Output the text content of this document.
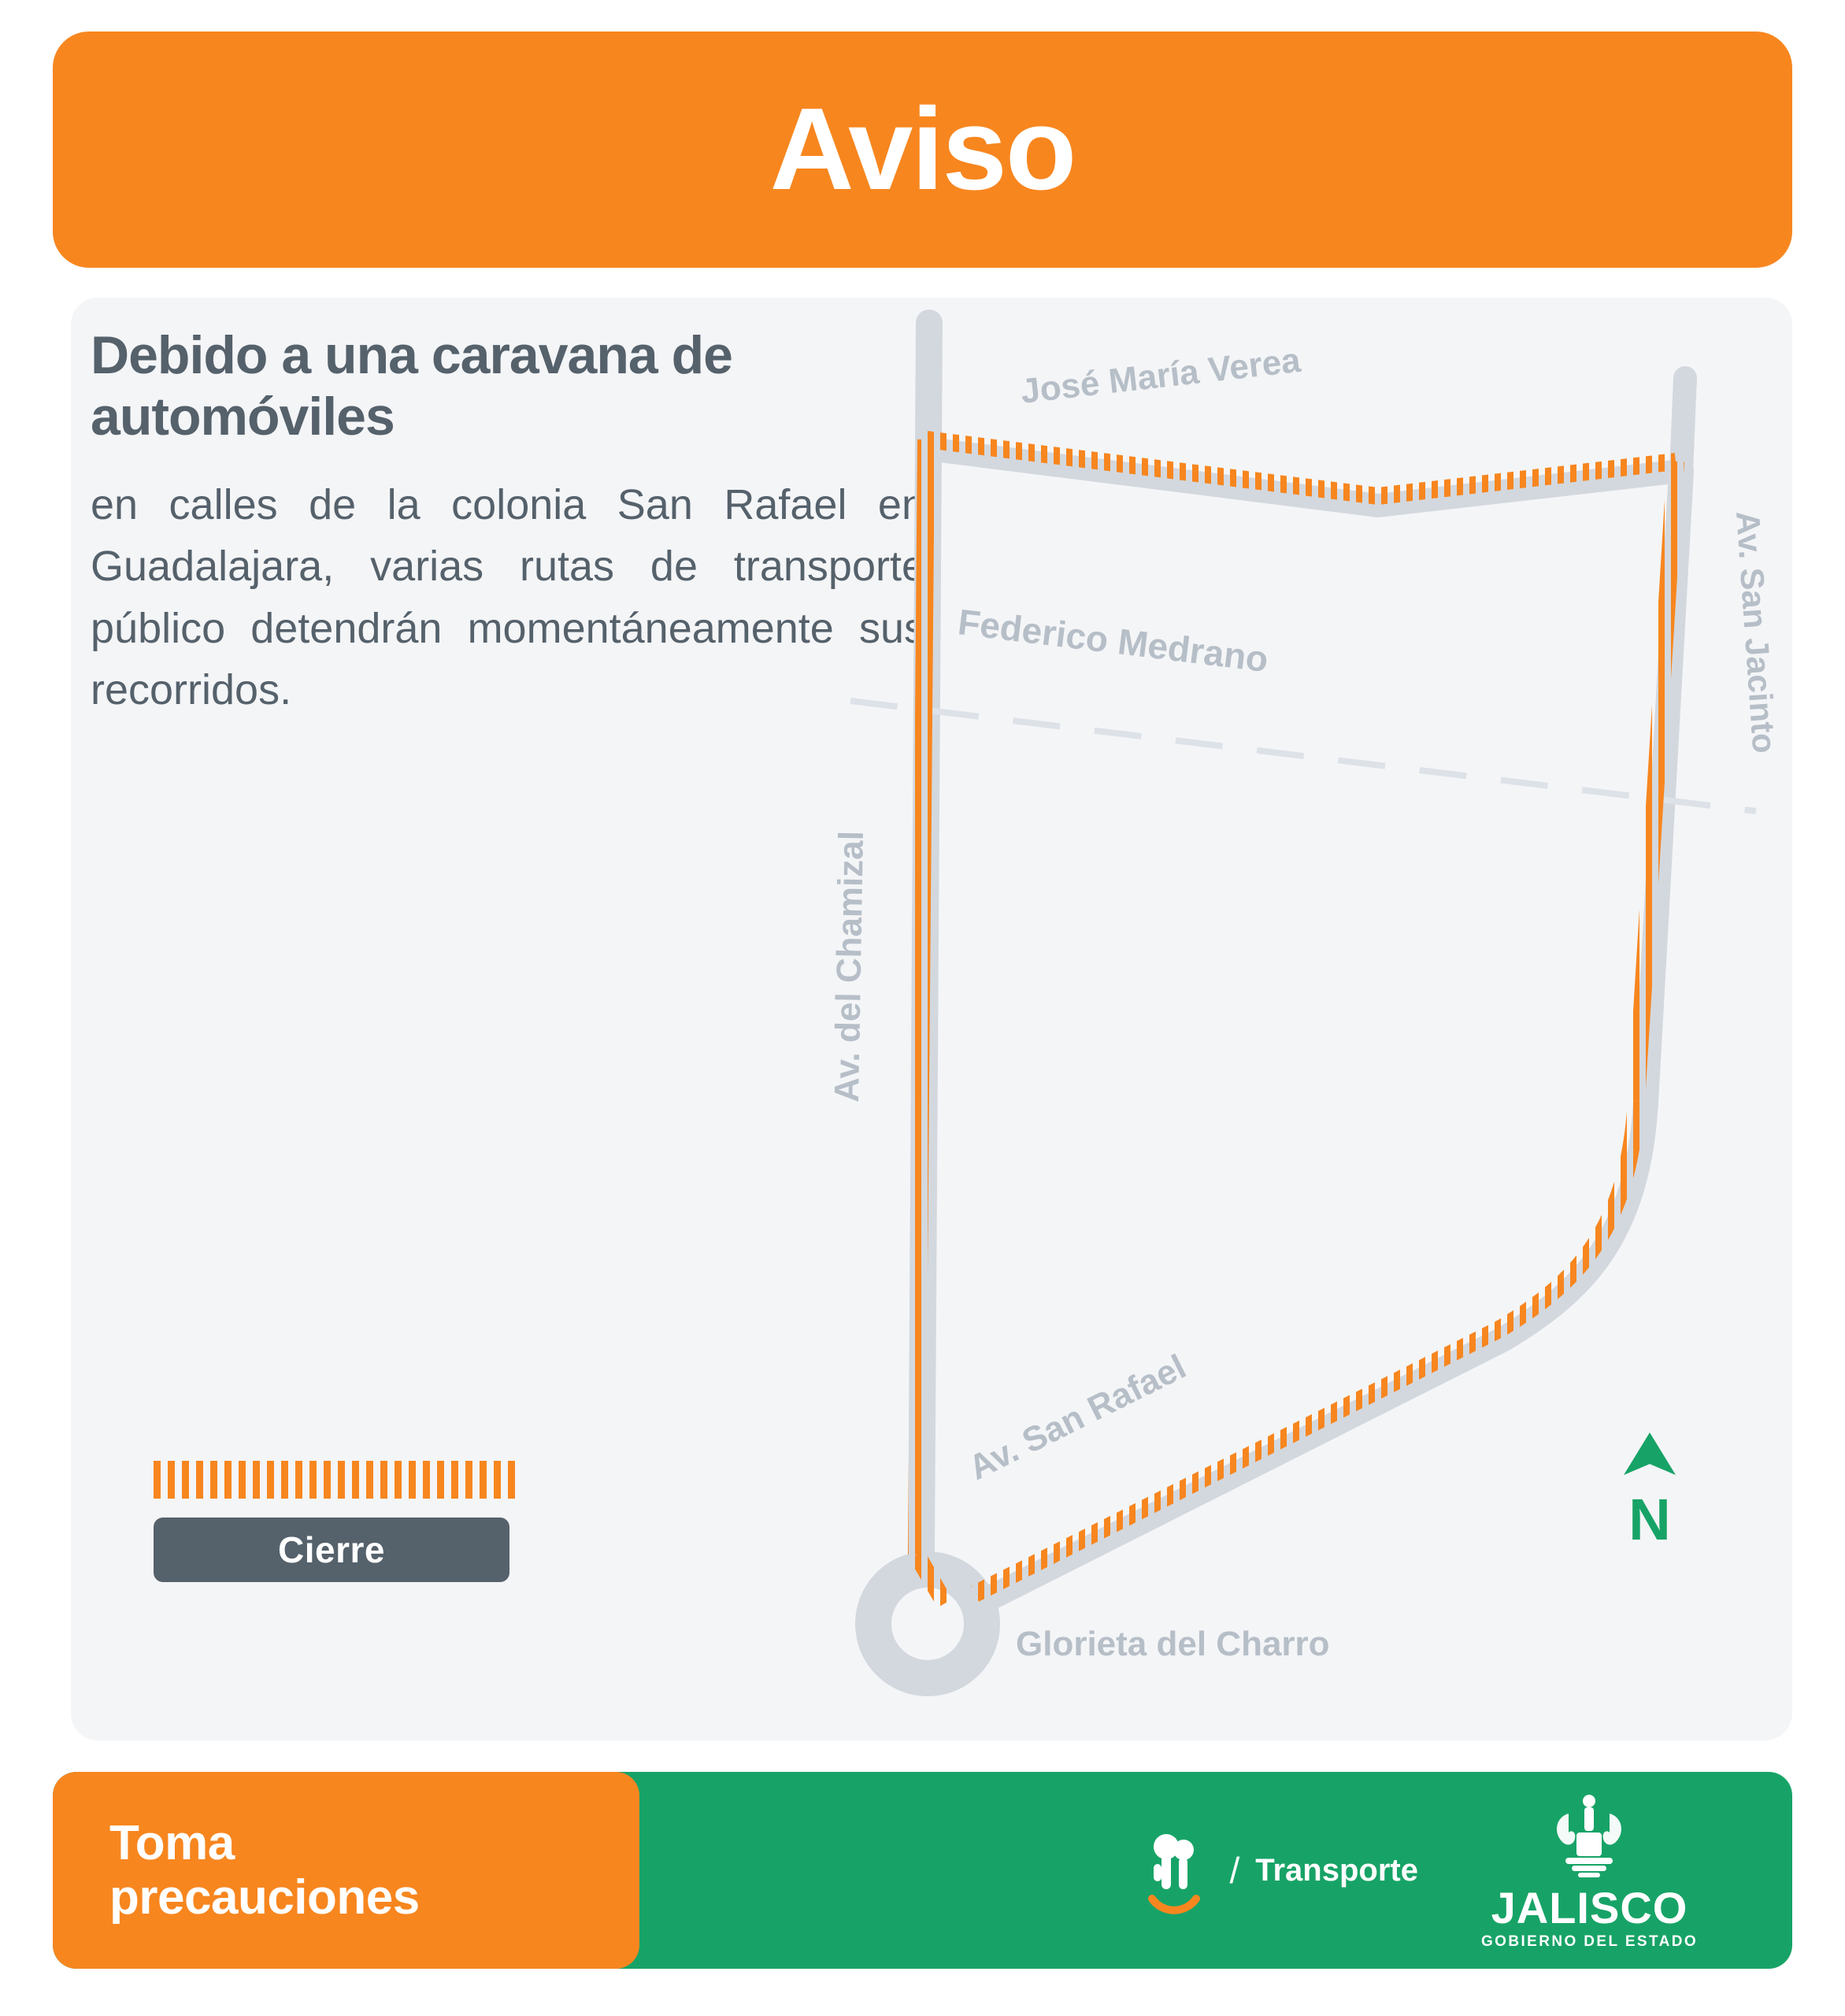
Aviso
Debido a una caravana de automóviles

en calles de la colonia San Rafael en Guadalajara, varias rutas de transporte público detendrán momentáneamente sus recorridos.

Cierre
José María Verea
Av. San Jacinto
Federico Medrano
Av. del Chamizal
Av. San Rafael
Glorieta del Charro
N
Toma
precauciones	/ Transporte
JALISCO
GOBIERNO DEL ESTADO
